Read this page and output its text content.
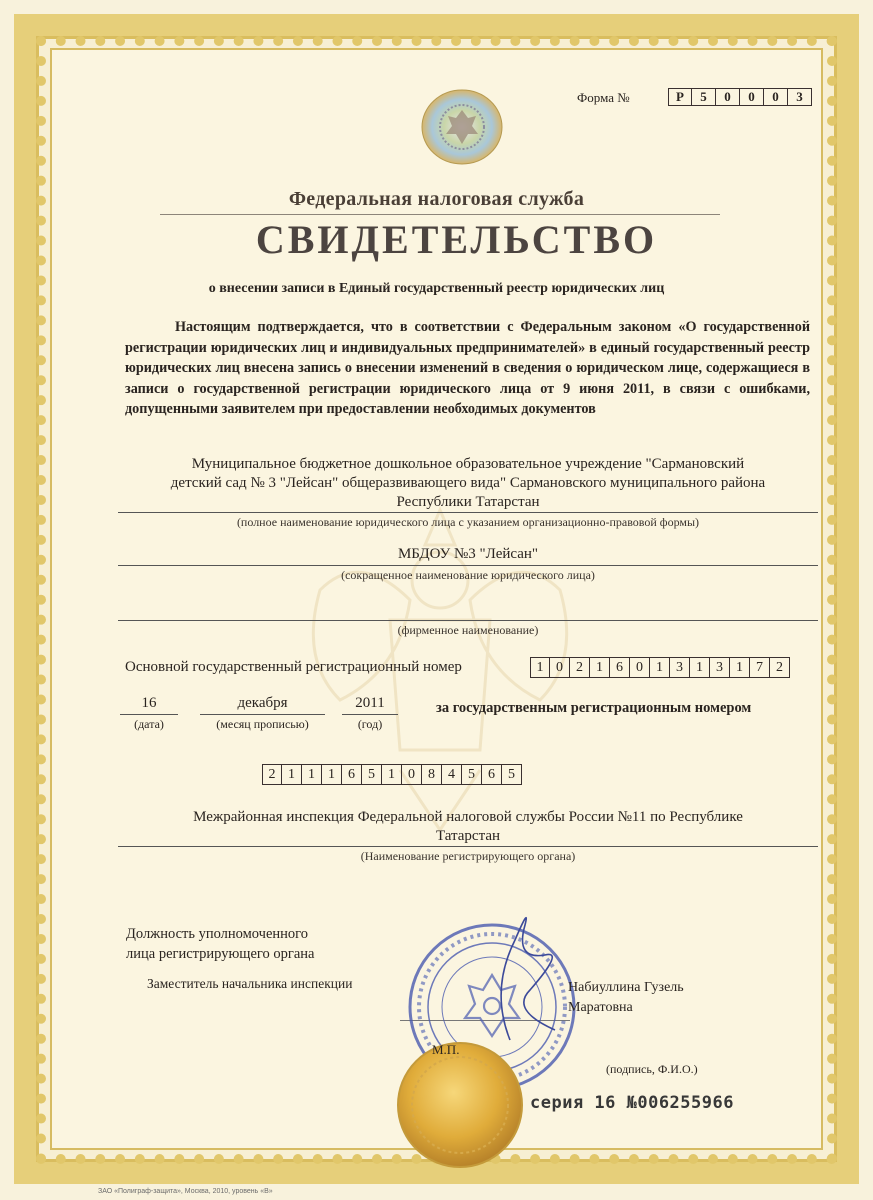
Форма №	Р	5	0	0	0	3
Федеральная налоговая служба
СВИДЕТЕЛЬСТВО
о внесении записи в Единый государственный реестр юридических лиц
Настоящим подтверждается, что в соответствии с Федеральным законом «О государственной регистрации юридических лиц и индивидуальных предпринимателей» в единый государственный реестр юридических лиц внесена запись о внесении изменений в сведения о юридическом лице, содержащиеся в записи о государственной регистрации юридического лица от 9 июня 2011, в связи с ошибками, допущенными заявителем при предоставлении необходимых документов
Муниципальное бюджетное дошкольное образовательное учреждение "Сармановский
детский сад № 3 "Лейсан" общеразвивающего вида" Сармановского муниципального района
Республики Татарстан
(полное наименование юридического лица с указанием организационно-правовой формы)
МБДОУ №3 "Лейсан"
(сокращенное наименование юридического лица)
(фирменное наименование)
Основной государственный регистрационный номер	1 0 2 1 6 0 1 3 1 3 1 7 2
16
(дата)
декабря
(месяц прописью)
2011
(год)
за государственным регистрационным номером
2 1 1 1 6 5 1 0 8 4 5 6 5
Межрайонная инспекция Федеральной налоговой службы России №11 по Республике
Татарстан
(Наименование регистрирующего органа)
Должность уполномоченного
лица регистрирующего органа
Заместитель начальника инспекции
М.П.
Набиуллина Гузель
Маратовна
(подпись, Ф.И.О.)
серия 16 №006255966
ЗАО «Полиграф-защита», Москва, 2010, уровень «В»
